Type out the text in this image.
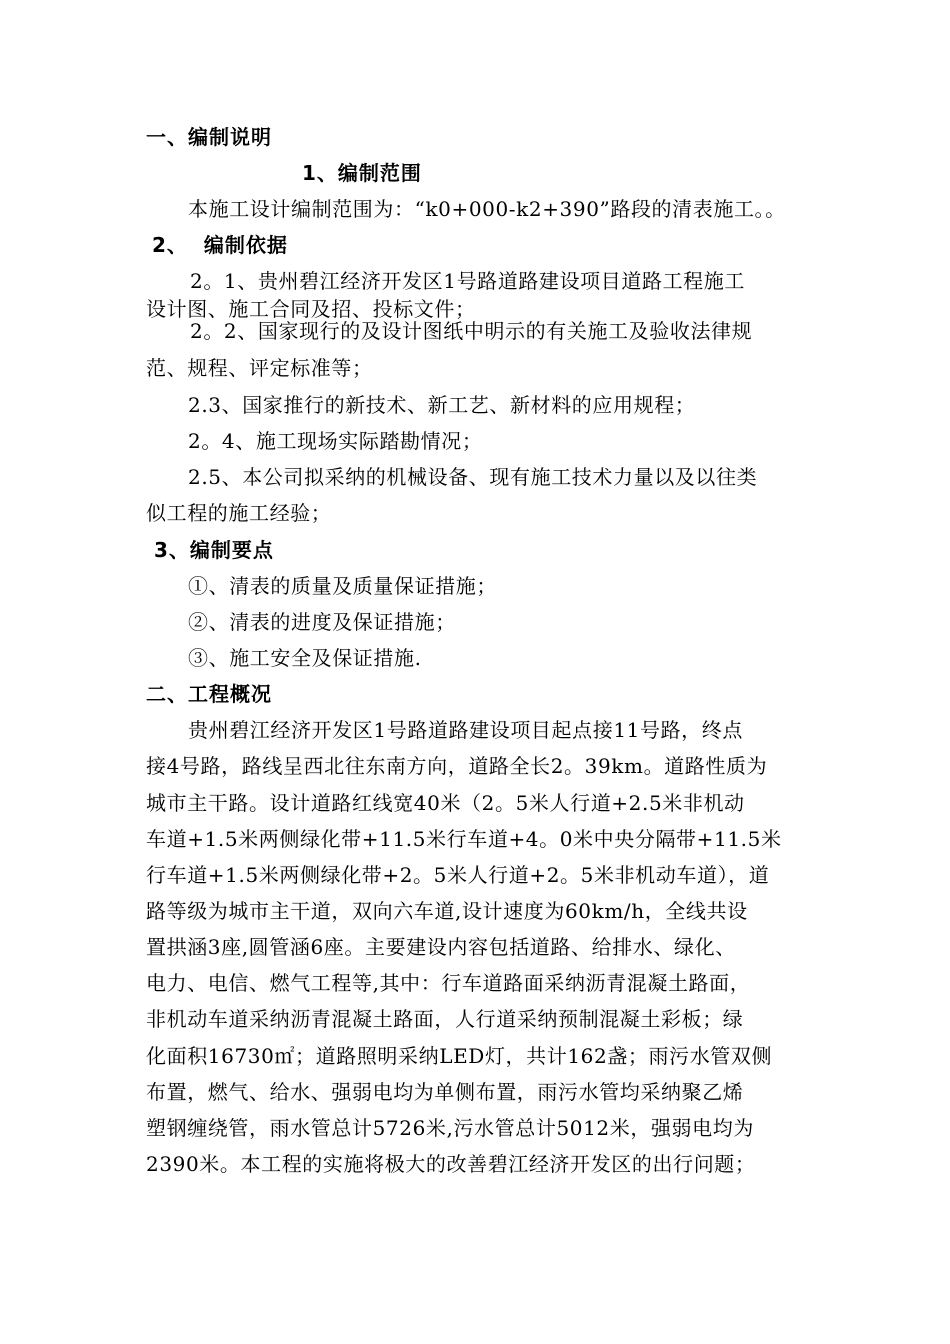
一、编制说明
1、编制范围
本施工设计编制范围为：“k0+000-k2+390”路段的清表施工。。
2、  编制依据
2。1、贵州碧江经济开发区1号路道路建设项目道路工程施工
设计图、施工合同及招、投标文件；
2。2、国家现行的及设计图纸中明示的有关施工及验收法律规
范、规程、评定标准等；
2.3、国家推行的新技术、新工艺、新材料的应用规程；
2。4、施工现场实际踏勘情况；
2.5、本公司拟采纳的机械设备、现有施工技术力量以及以往类
似工程的施工经验；
3、编制要点
①、清表的质量及质量保证措施；
②、清表的进度及保证措施；
③、施工安全及保证措施.
二、工程概况
贵州碧江经济开发区1号路道路建设项目起点接11号路，终点
接4号路，路线呈西北往东南方向，道路全长2。39km。道路性质为
城市主干路。设计道路红线宽40米（2。5米人行道+2.5米非机动
车道+1.5米两侧绿化带+11.5米行车道+4。0米中央分隔带+11.5米
行车道+1.5米两侧绿化带+2。5米人行道+2。5米非机动车道），道
路等级为城市主干道，双向六车道,设计速度为60km/h，全线共设
置拱涵3座,圆管涵6座。主要建设内容包括道路、给排水、绿化、
电力、电信、燃气工程等,其中：行车道路面采纳沥青混凝土路面，
非机动车道采纳沥青混凝土路面，人行道采纳预制混凝土彩板；绿
化面积16730㎡；道路照明采纳LED灯，共计162盏；雨污水管双侧
布置，燃气、给水、强弱电均为单侧布置，雨污水管均采纳聚乙烯
塑钢缠绕管，雨水管总计5726米,污水管总计5012米，强弱电均为
2390米。本工程的实施将极大的改善碧江经济开发区的出行问题；
